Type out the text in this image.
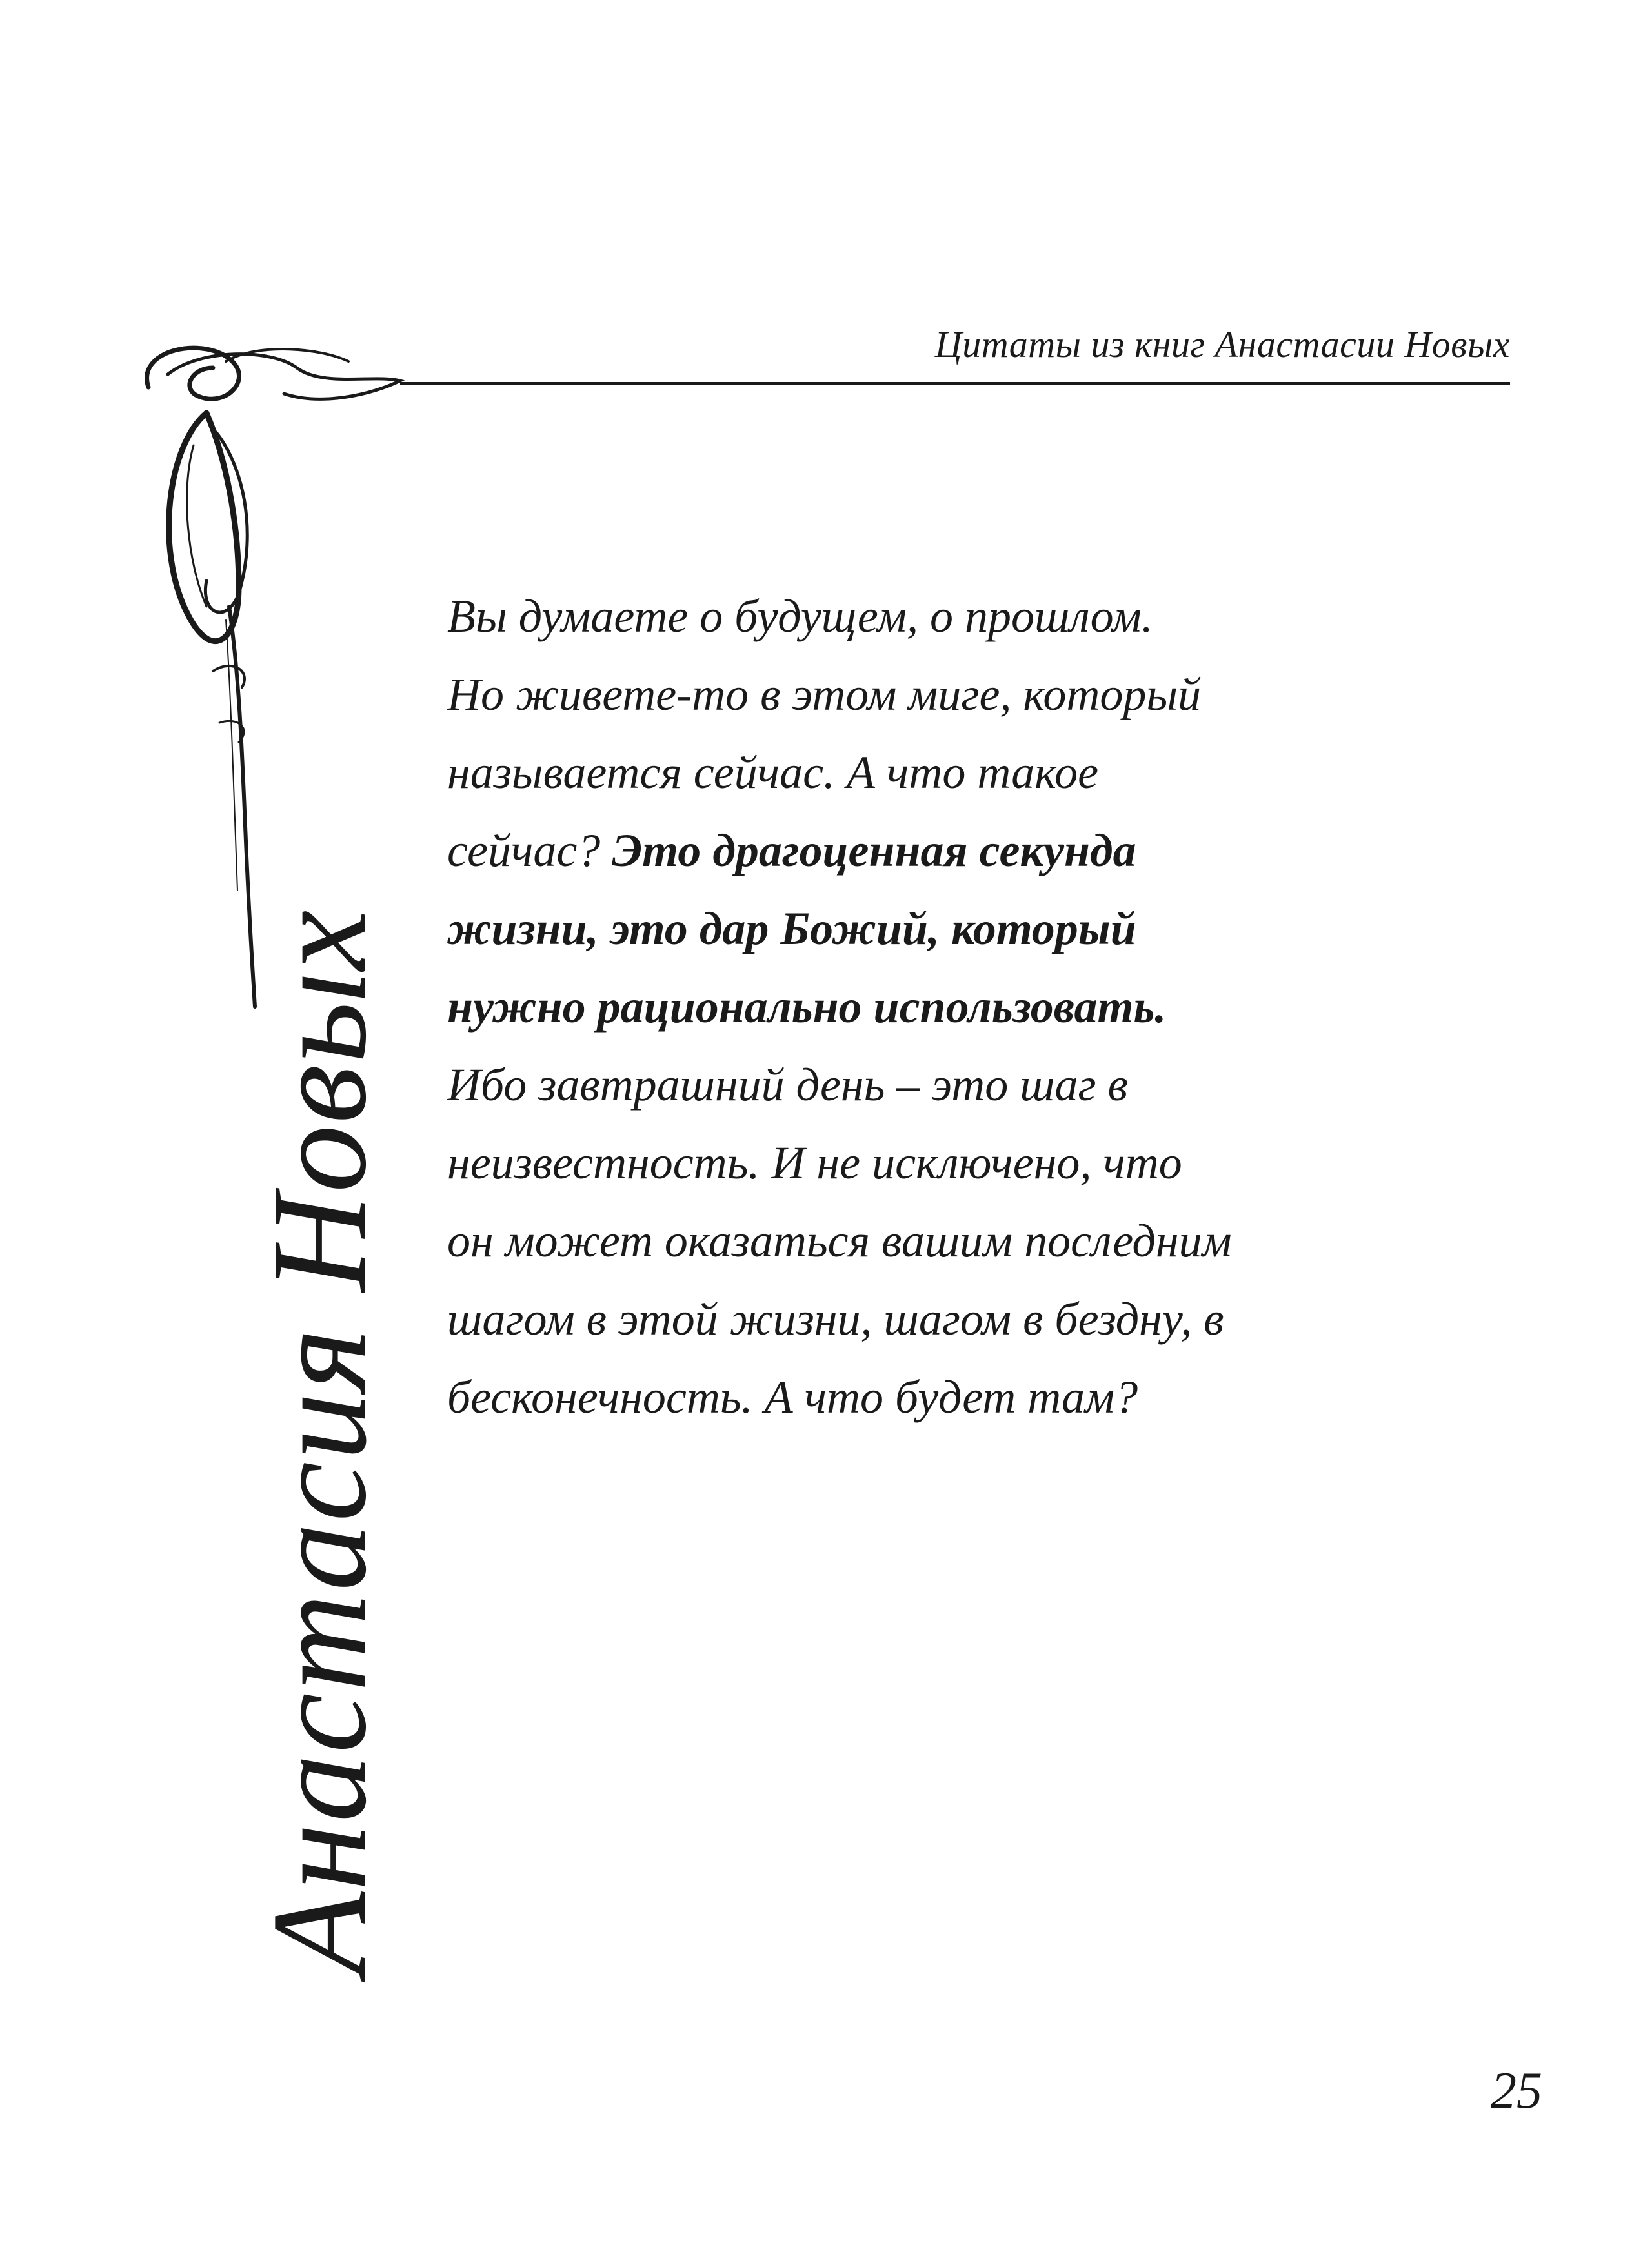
Цитаты из книг Анастасии Новых
Анастасия Новых

Вы думаете о будущем, о прошлом.
Но живете-то в этом миге, который
называется сейчас. А что такое
сейчас? Это драгоценная секунда
жизни, это дар Божий, который
нужно рационально использовать.
Ибо завтрашний день – это шаг в
неизвестность. И не исключено, что
он может оказаться вашим последним
шагом в этой жизни, шагом в бездну, в
бесконечность. А что будет там?

25
